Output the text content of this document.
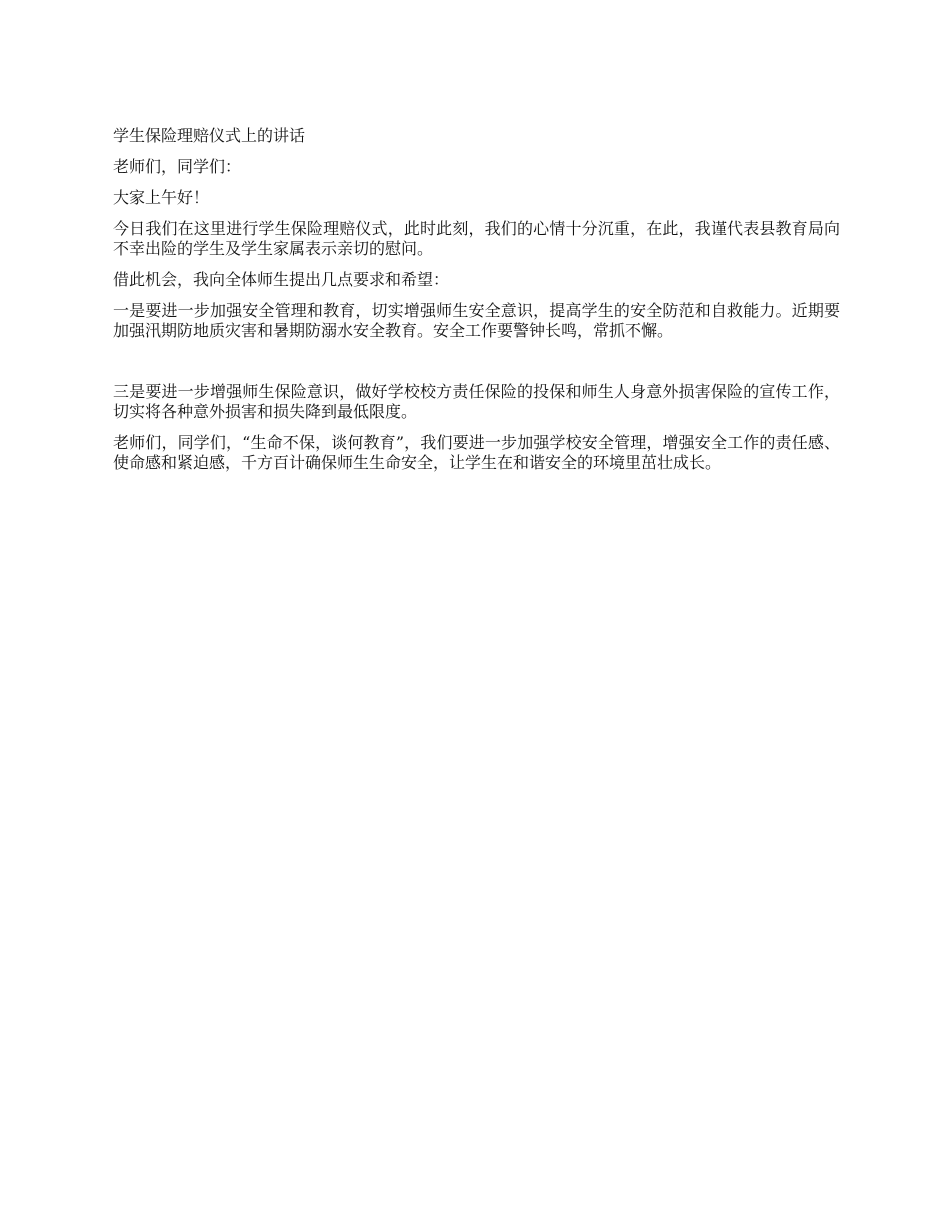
学生保险理赔仪式上的讲话

老师们，同学们：

大家上午好！

今日我们在这里进行学生保险理赔仪式，此时此刻，我们的心情十分沉重，在此，我谨代表县教育局向不幸出险的学生及学生家属表示亲切的慰问。

借此机会，我向全体师生提出几点要求和希望：

一是要进一步加强安全管理和教育，切实增强师生安全意识，提高学生的安全防范和自救能力。近期要加强汛期防地质灾害和暑期防溺水安全教育。安全工作要警钟长鸣，常抓不懈。

三是要进一步增强师生保险意识，做好学校校方责任保险的投保和师生人身意外损害保险的宣传工作，切实将各种意外损害和损失降到最低限度。

老师们，同学们，“生命不保，谈何教育”，我们要进一步加强学校安全管理，增强安全工作的责任感、使命感和紧迫感，千方百计确保师生生命安全，让学生在和谐安全的环境里茁壮成长。
